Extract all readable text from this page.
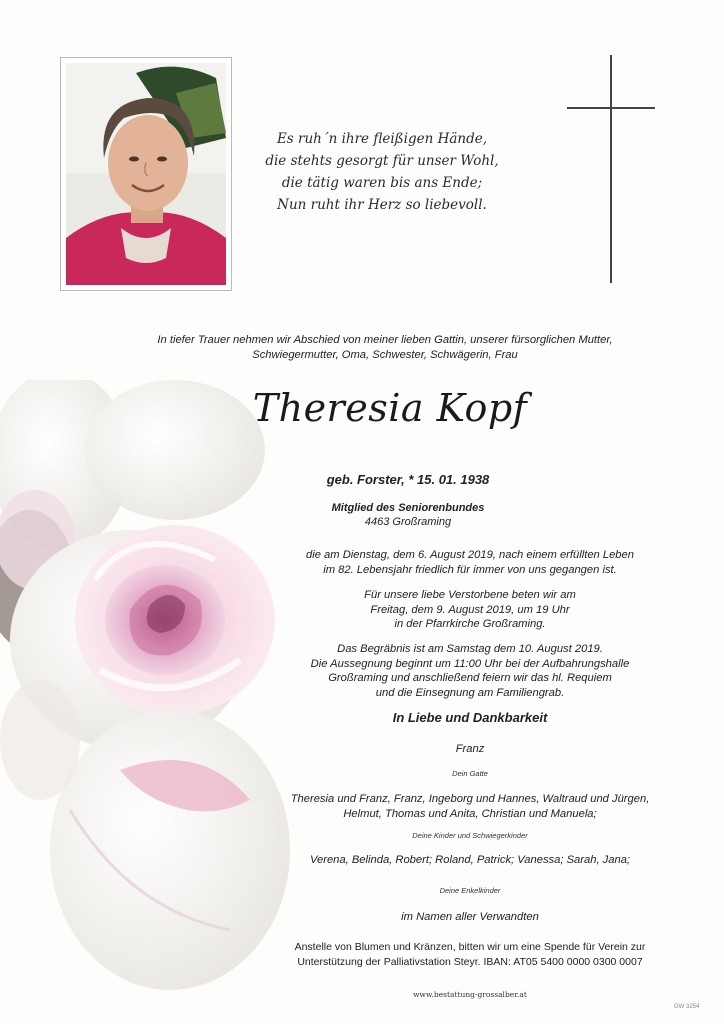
Es ruh´n ihre fleißigen Hände,
die stehts gesorgt für unser Wohl,
die tätig waren bis ans Ende;
Nun ruht ihr Herz so liebevoll.
In tiefer Trauer nehmen wir Abschied von meiner lieben Gattin, unserer fürsorglichen Mutter,
Schwiegermutter, Oma, Schwester, Schwägerin, Frau
Theresia Kopf
geb. Forster, * 15. 01. 1938
Mitglied des Seniorenbundes
4463 Großraming
die am Dienstag, dem 6. August 2019, nach einem erfüllten Leben
im 82. Lebensjahr friedlich für immer von uns gegangen ist.
Für unsere liebe Verstorbene beten wir am
Freitag, dem 9. August 2019, um 19 Uhr
in der Pfarrkirche Großraming.
Das Begräbnis ist am Samstag dem 10. August 2019.
Die Aussegnung beginnt um 11:00 Uhr bei der Aufbahrungshalle
Großraming und anschließend feiern wir das hl. Requiem
und die Einsegnung am Familiengrab.
In Liebe und Dankbarkeit
Franz
Dein Gatte
Theresia und Franz, Franz, Ingeborg und Hannes, Waltraud und Jürgen,
Helmut, Thomas und Anita, Christian und Manuela;
Deine Kinder und Schwiegerkinder
Verena, Belinda, Robert; Roland, Patrick; Vanessa; Sarah, Jana;
Deine Enkelkinder
im Namen aller Verwandten
Anstelle von Blumen und Kränzen, bitten wir um eine Spende für Verein zur
Unterstützung der Palliativstation Steyr. IBAN: AT05 5400 0000 0300 0007
www.bestattung-grossalber.at
GW 3254
